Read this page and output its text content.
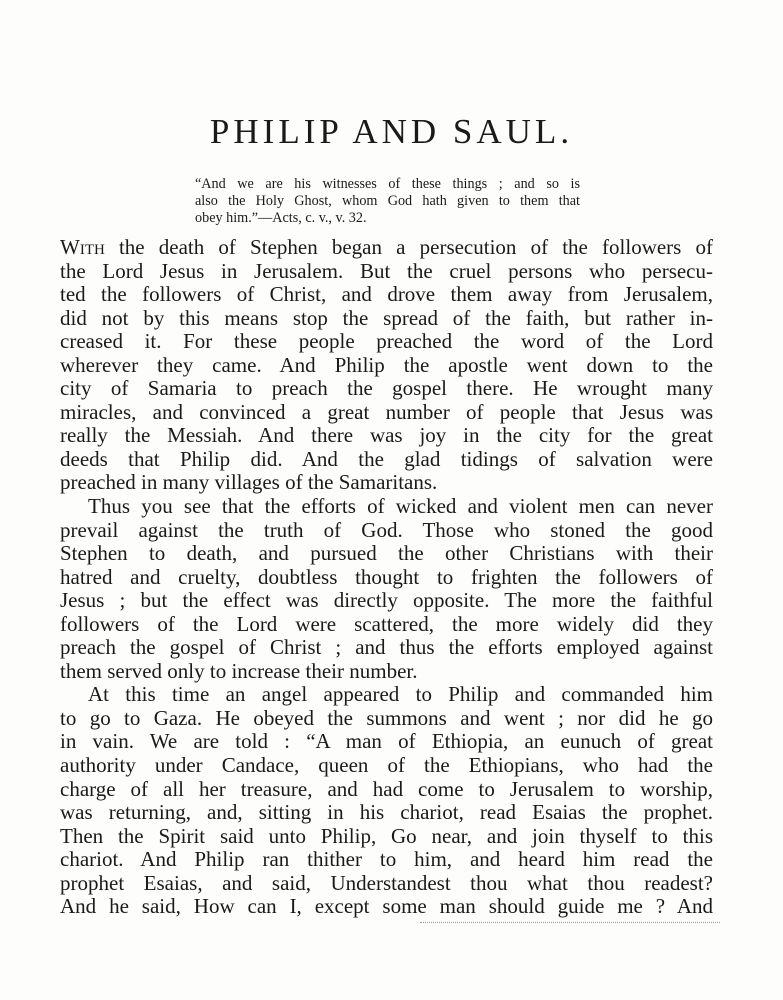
PHILIP AND SAUL.
“And we are his witnesses of these things ; and so is
also the Holy Ghost, whom God hath given to them that
obey him.”—Acts, c. v., v. 32.
With the death of Stephen began a persecution of the followers of
the Lord Jesus in Jerusalem. But the cruel persons who persecu-
ted the followers of Christ, and drove them away from Jerusalem,
did not by this means stop the spread of the faith, but rather in-
creased it. For these people preached the word of the Lord
wherever they came. And Philip the apostle went down to the
city of Samaria to preach the gospel there. He wrought many
miracles, and convinced a great number of people that Jesus was
really the Messiah. And there was joy in the city for the great
deeds that Philip did. And the glad tidings of salvation were
preached in many villages of the Samaritans.
Thus you see that the efforts of wicked and violent men can never
prevail against the truth of God. Those who stoned the good
Stephen to death, and pursued the other Christians with their
hatred and cruelty, doubtless thought to frighten the followers of
Jesus ; but the effect was directly opposite. The more the faithful
followers of the Lord were scattered, the more widely did they
preach the gospel of Christ ; and thus the efforts employed against
them served only to increase their number.
At this time an angel appeared to Philip and commanded him
to go to Gaza. He obeyed the summons and went ; nor did he go
in vain. We are told : “A man of Ethiopia, an eunuch of great
authority under Candace, queen of the Ethiopians, who had the
charge of all her treasure, and had come to Jerusalem to worship,
was returning, and, sitting in his chariot, read Esaias the prophet.
Then the Spirit said unto Philip, Go near, and join thyself to this
chariot. And Philip ran thither to him, and heard him read the
prophet Esaias, and said, Understandest thou what thou readest?
And he said, How can I, except some man should guide me ? And
